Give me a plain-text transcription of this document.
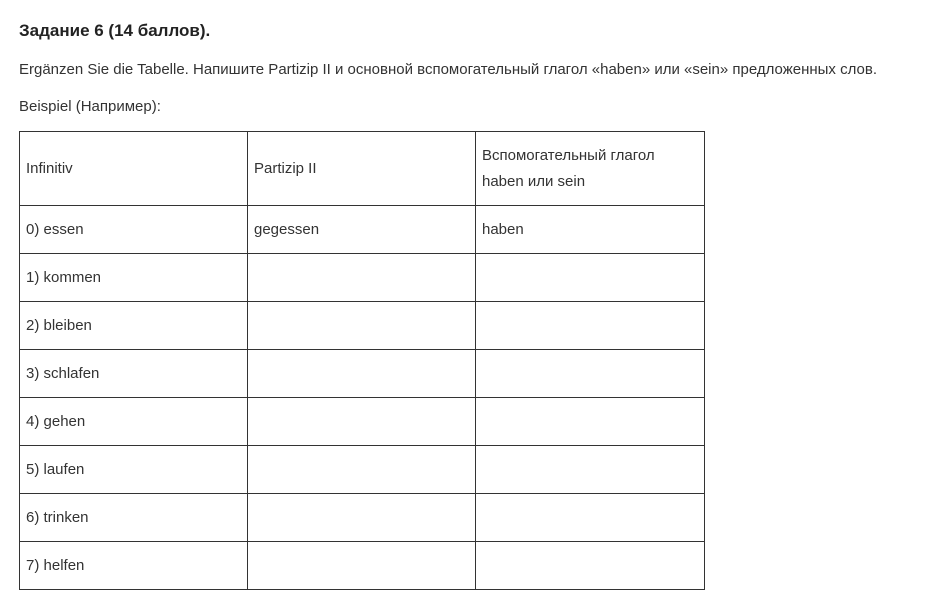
Задание 6 (14 баллов).
Ergänzen Sie die Tabelle. Напишите Partizip II и основной вспомогательный глагол «haben» или «sein» предложенных слов.
Beispiel (Например):
Infinitiv	Partizip II	Вспомогательный глагол haben или sein
0) essen	gegessen	haben
1) kommen		
2) bleiben		
3) schlafen		
4) gehen		
5) laufen		
6) trinken		
7) helfen		
